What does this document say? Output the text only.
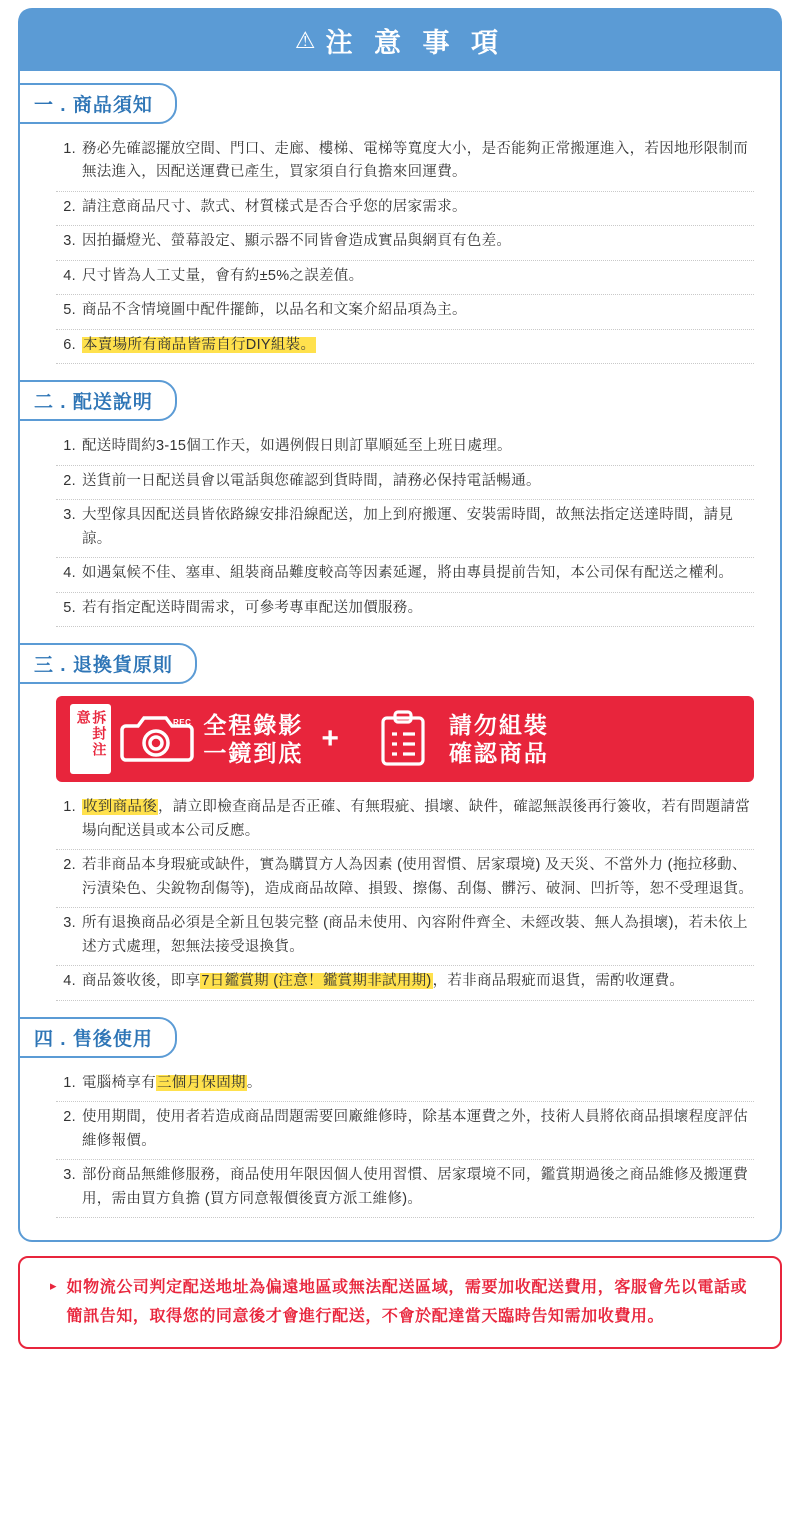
⚠ 注 意 事 項
一 . 商品須知
1. 務必先確認擺放空間、門口、走廊、樓梯、電梯等寬度大小，是否能夠正常搬運進入，若因地形限制而無法進入，因配送運費已產生，買家須自行負擔來回運費。
2. 請注意商品尺寸、款式、材質樣式是否合乎您的居家需求。
3. 因拍攝燈光、螢幕設定、顯示器不同皆會造成實品與網頁有色差。
4. 尺寸皆為人工丈量，會有約±5%之誤差值。
5. 商品不含情境圖中配件擺飾，以品名和文案介紹品項為主。
6. 本賣場所有商品皆需自行DIY組裝。
二 . 配送說明
1. 配送時間約3-15個工作天，如遇例假日則訂單順延至上班日處理。
2. 送貨前一日配送員會以電話與您確認到貨時間，請務必保持電話暢通。
3. 大型傢具因配送員皆依路線安排沿線配送，加上到府搬運、安裝需時間，故無法指定送達時間，請見諒。
4. 如遇氣候不佳、塞車、組裝商品難度較高等因素延遲，將由專員提前告知，本公司保有配送之權利。
5. 若有指定配送時間需求，可參考專車配送加價服務。
三 . 退換貨原則
拆封注意	REC 全程錄影
一鏡到底 +	請勿組裝
確認商品
1. 收到商品後，請立即檢查商品是否正確、有無瑕疵、損壞、缺件，確認無誤後再行簽收，若有問題請當場向配送員或本公司反應。
2. 若非商品本身瑕疵或缺件，實為購買方人為因素 (使用習慣、居家環境) 及天災、不當外力 (拖拉移動、污漬染色、尖銳物刮傷等)，造成商品故障、損毀、擦傷、刮傷、髒污、破洞、凹折等，恕不受理退貨。
3. 所有退換商品必須是全新且包裝完整 (商品未使用、內容附件齊全、未經改裝、無人為損壞)，若未依上述方式處理，恕無法接受退換貨。
4. 商品簽收後，即享7日鑑賞期 (注意！鑑賞期非試用期)，若非商品瑕疵而退貨，需酌收運費。
四 . 售後使用
1. 電腦椅享有三個月保固期。
2. 使用期間，使用者若造成商品問題需要回廠維修時，除基本運費之外，技術人員將依商品損壞程度評估維修報價。
3. 部份商品無維修服務，商品使用年限因個人使用習慣、居家環境不同，鑑賞期過後之商品維修及搬運費用，需由買方負擔 (買方同意報價後賣方派工維修)。
▸ 如物流公司判定配送地址為偏遠地區或無法配送區域，需要加收配送費用，客服會先以電話或簡訊告知，取得您的同意後才會進行配送，不會於配達當天臨時告知需加收費用。
